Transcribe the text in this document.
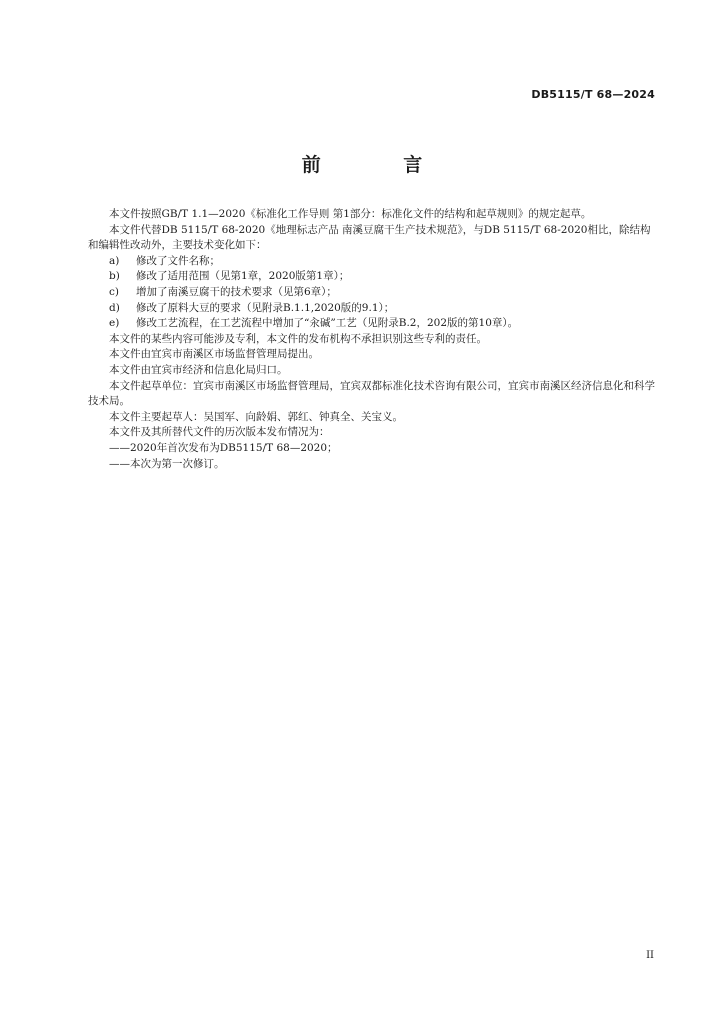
DB5115/T 68—2024
前 言

本文件按照GB/T 1.1—2020《标准化工作导则 第1部分：标准化文件的结构和起草规则》的规定起草。

本文件代替DB 5115/T 68-2020《地理标志产品 南溪豆腐干生产技术规范》，与DB 5115/T 68-2020相比，除结构和编辑性改动外，主要技术变化如下：

a)	修改了文件名称；
b)	修改了适用范围（见第1章，2020版第1章）；
c)	增加了南溪豆腐干的技术要求（见第6章）；
d)	修改了原料大豆的要求（见附录B.1.1,2020版的9.1）；
e)	修改工艺流程，在工艺流程中增加了“汆碱”工艺（见附录B.2，202版的第10章）。

本文件的某些内容可能涉及专利，本文件的发布机构不承担识别这些专利的责任。

本文件由宜宾市南溪区市场监督管理局提出。

本文件由宜宾市经济和信息化局归口。

本文件起草单位：宜宾市南溪区市场监督管理局，宜宾双都标准化技术咨询有限公司，宜宾市南溪区经济信息化和科学技术局。

本文件主要起草人：吴国军、向龄娟、郭红、钟真全、关宝义。

本文件及其所替代文件的历次版本发布情况为：

——2020年首次发布为DB5115/T 68—2020；

——本次为第一次修订。

II
